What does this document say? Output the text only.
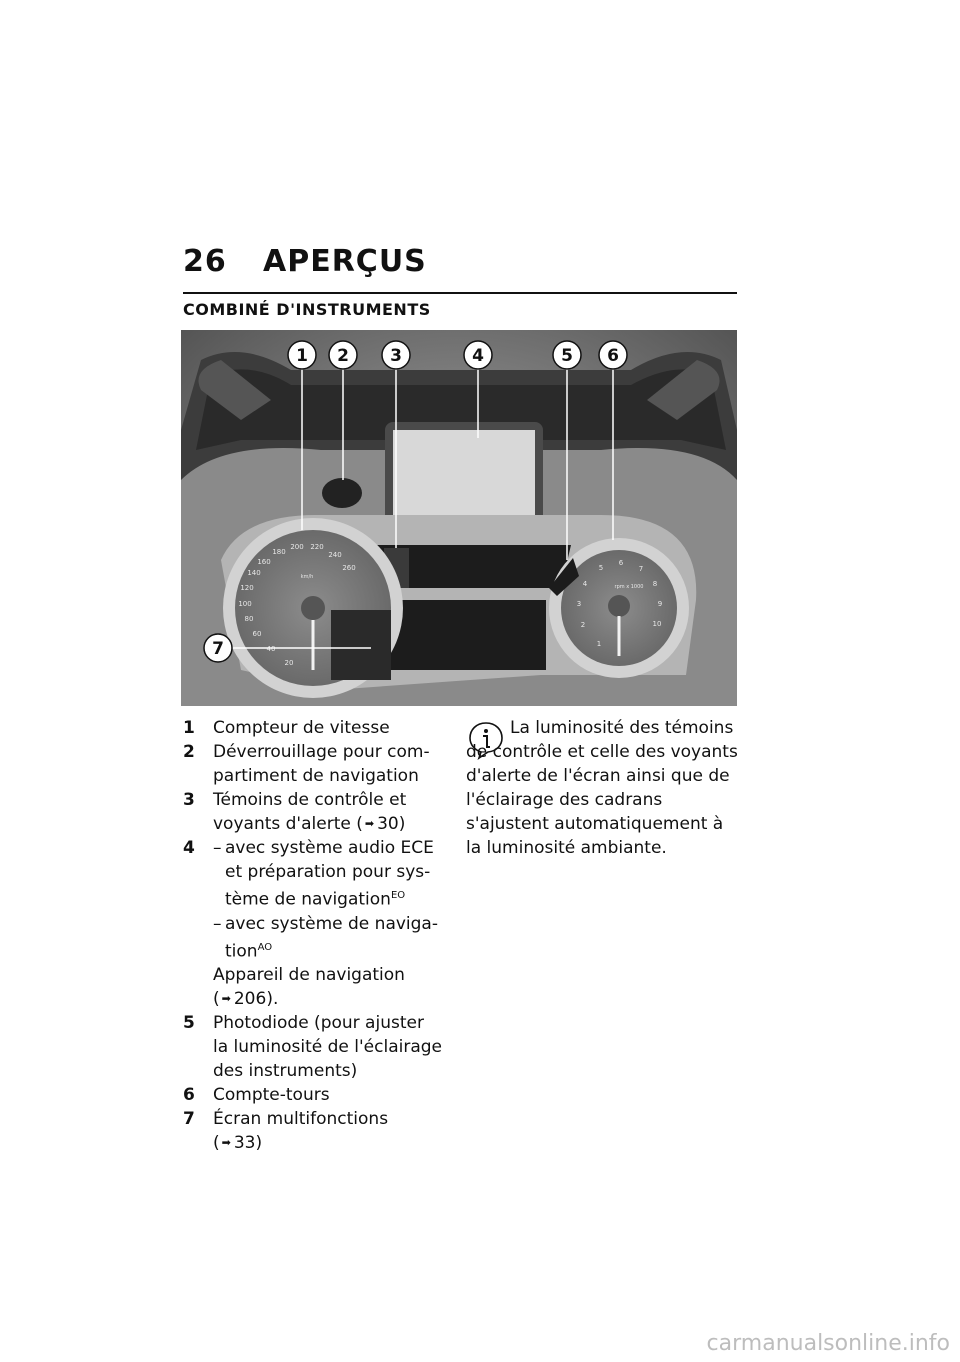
26 APERÇUS
COMBINÉ D'INSTRUMENTS
20
40
60
80
100
120
140
160
180
200 220
240
260
km/h
1
2
3
4
5
6
7
8
9
10
rpm x 1000
1 2 3	4	5 6
7
1	Compteur de vitesse
2	Déverrouillage pour com-partiment de navigation
3	Témoins de contrôle et voyants d'alerte ( ➡ 30)
4	– avec système audio ECE et préparation pour sys-tème de navigation$^{EO}$
– avec système de naviga-tion$^{AO}$
Appareil de navigation
( ➡ 206).
5	Photodiode (pour ajuster la luminosité de l'éclairage des instruments)
6	Compte-tours
7	Écran multifonctions
( ➡ 33)
La luminosité des témoins de contrôle et celle des voyants d'alerte de l'écran ainsi que de l'éclairage des cadrans s'ajustent automatiquement à la luminosité ambiante.
carmanualsonline.info
